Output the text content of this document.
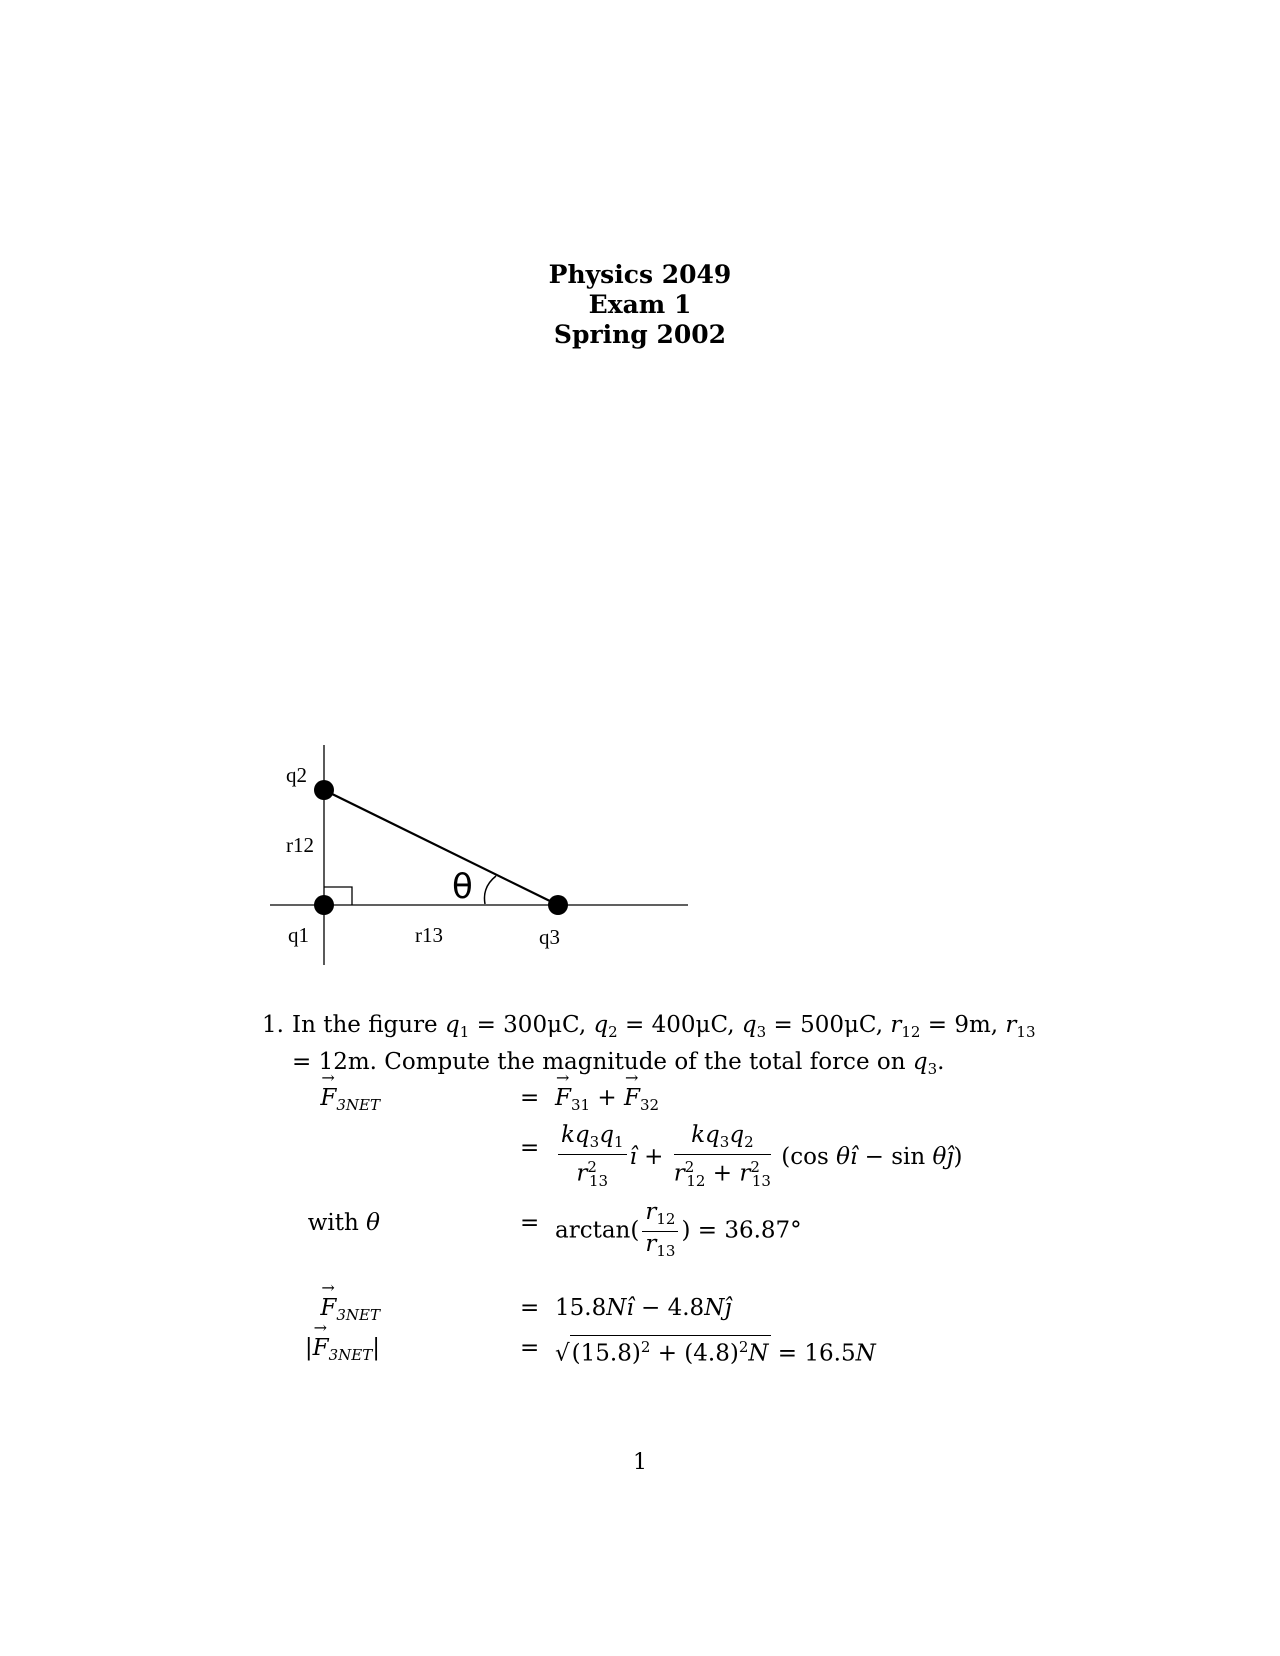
Physics 2049
Exam 1
Spring 2002
q2
r12
q1	r13	q3
θ
1. In the figure $q_1 = 300\mu C$, $q_2 = 400\mu C$, $q_3 = 500\mu C$, $r_{12} = 9m$, $r_{13} = 12m$. Compute the magnitude of the total force on $q_3$.
→ $F_{3NET}$	=
→ $F_{31}$ + → $F_{32}$
= $\frac{kq_3q_1}{r^2_{13}}$ î + $\frac{kq_3q_2}{r^2_{12} + r^2_{13}} (\cos$ θî − sin θĵ)
with θ	= $\arctan( \frac{r_{12}}{r_{13}}$ ) = 36.87°
→ $F_{3NET}$	= 15.8Nî − 4.8Nĵ
|→ $F_{3NET}|$	= $√(15.8)^2 + (4.8)^2N = 16.5N$
1
